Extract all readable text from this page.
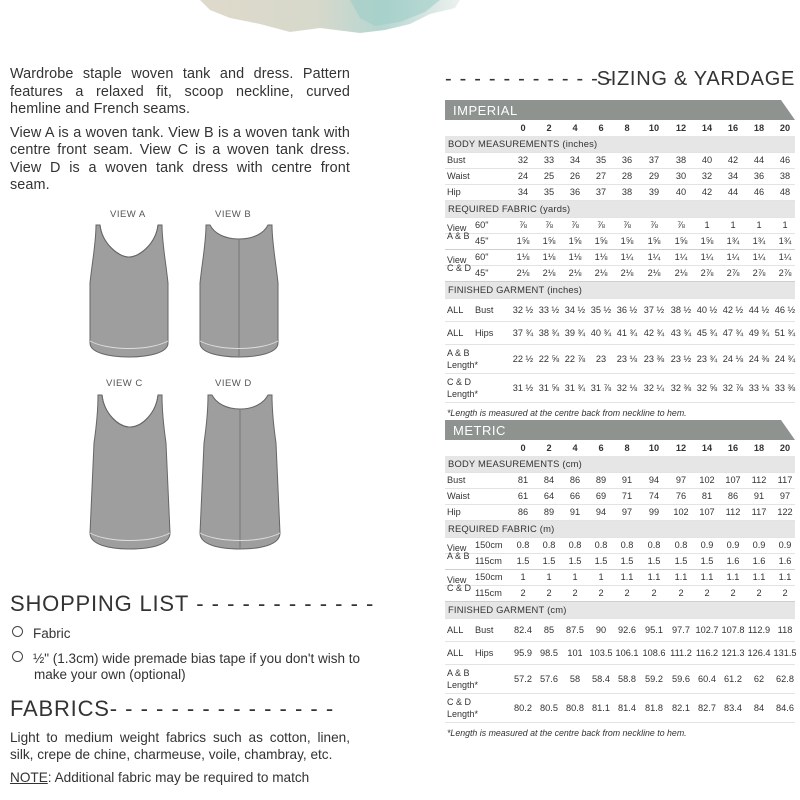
Wardrobe staple woven tank and dress. Pattern features a relaxed fit, scoop neckline, curved hemline and French seams.

View A is a woven tank. View B is a woven tank with centre front seam. View C is a woven tank dress. View D is a woven tank dress with centre front seam.

VIEW A	VIEW B
VIEW C	VIEW D
SHOPPING LIST - - - - - - - - - - - -
Fabric
½" (1.3cm) wide premade bias tape if you don't wish to make your own (optional)
FABRICS- - - - - - - - - - - - - - -

Light to medium weight fabrics such as cotton, linen, silk, crepe de chine, charmeuse, voile, chambray, etc.

NOTE: Additional fabric may be required to match

- - - - - - - - - - - -
SIZING & YARDAGE
IMPERIAL
0	2	4	6	8	10	12	14	16	18	20
BODY MEASUREMENTS (inches)
Bust	32	33	34	35	36	37	38	40	42	44	46
Waist	24	25	26	27	28	29	30	32	34	36	38
Hip	34	35	36	37	38	39	40	42	44	46	48
REQUIRED FABRIC (yards)
View 60"	⅞	⅞	⅞	⅞	⅞	⅞	⅞	1	1	1	1
A & B 45"	1⅝	1⅝	1⅝	1⅝	1⅝	1⅝	1⅝	1⅝	1¾	1¾	1¾
View 60"	1⅛	1⅛	1⅛	1⅛	1¼	1¼	1¼	1¼	1¼	1¼	1¼
C & D 45"	2⅛	2⅛	2⅛	2⅛	2⅛	2⅛	2⅛	2⅞	2⅞	2⅞	2⅞
FINISHED GARMENT (inches)
ALL Bust	32 ½ 33 ½ 34 ½ 35 ½ 36 ½ 37 ½ 38 ½ 40 ½ 42 ½ 44 ½ 46 ½
ALL Hips	37 ¾ 38 ¾ 39 ¾ 40 ¾ 41 ¾ 42 ¾ 43 ¾ 45 ¾ 47 ¾ 49 ¾ 51 ¾
A & B
Length*
22 ½ 22 ⅝ 22 ⅞	23	23 ⅛ 23 ⅜ 23 ½ 23 ¾ 24 ⅛ 24 ⅜ 24 ¾
C & D
Length*
31 ½ 31 ⅝ 31 ¾ 31 ⅞ 32 ⅛ 32 ¼ 32 ⅜ 32 ⅝ 32 ⅞ 33 ⅛ 33 ⅜
*Length is measured at the centre back from neckline to hem.
METRIC
0	2	4	6	8	10	12	14	16	18	20
BODY MEASUREMENTS (cm)
Bust	81	84	86	89	91	94	97	102	107	112	117
Waist	61	64	66	69	71	74	76	81	86	91	97
Hip	86	89	91	94	97	99	102	107	112	117	122
REQUIRED FABRIC (m)
View 150cm	0.8	0.8	0.8	0.8	0.8	0.8	0.8	0.9	0.9	0.9	0.9
A & B 115cm	1.5	1.5	1.5	1.5	1.5	1.5	1.5	1.5	1.6	1.6	1.6
View 150cm	1	1	1	1	1.1	1.1	1.1	1.1	1.1	1.1	1.1
C & D 115cm	2	2	2	2	2	2	2	2	2	2	2
FINISHED GARMENT (cm)
ALL Bust	82.4	85	87.5	90	92.6 95.1 97.7 102.7 107.8 112.9 118
ALL Hips	95.9 98.5	101 103.5 106.1 108.6 111.2 116.2 121.3 126.4 131.5
A & B
Length*
57.2 57.6	58	58.4 58.8 59.2 59.6 60.4 61.2	62	62.8
C & D
Length*
80.2 80.5 80.8 81.1 81.4 81.8 82.1 82.7 83.4	84	84.6
*Length is measured at the centre back from neckline to hem.
